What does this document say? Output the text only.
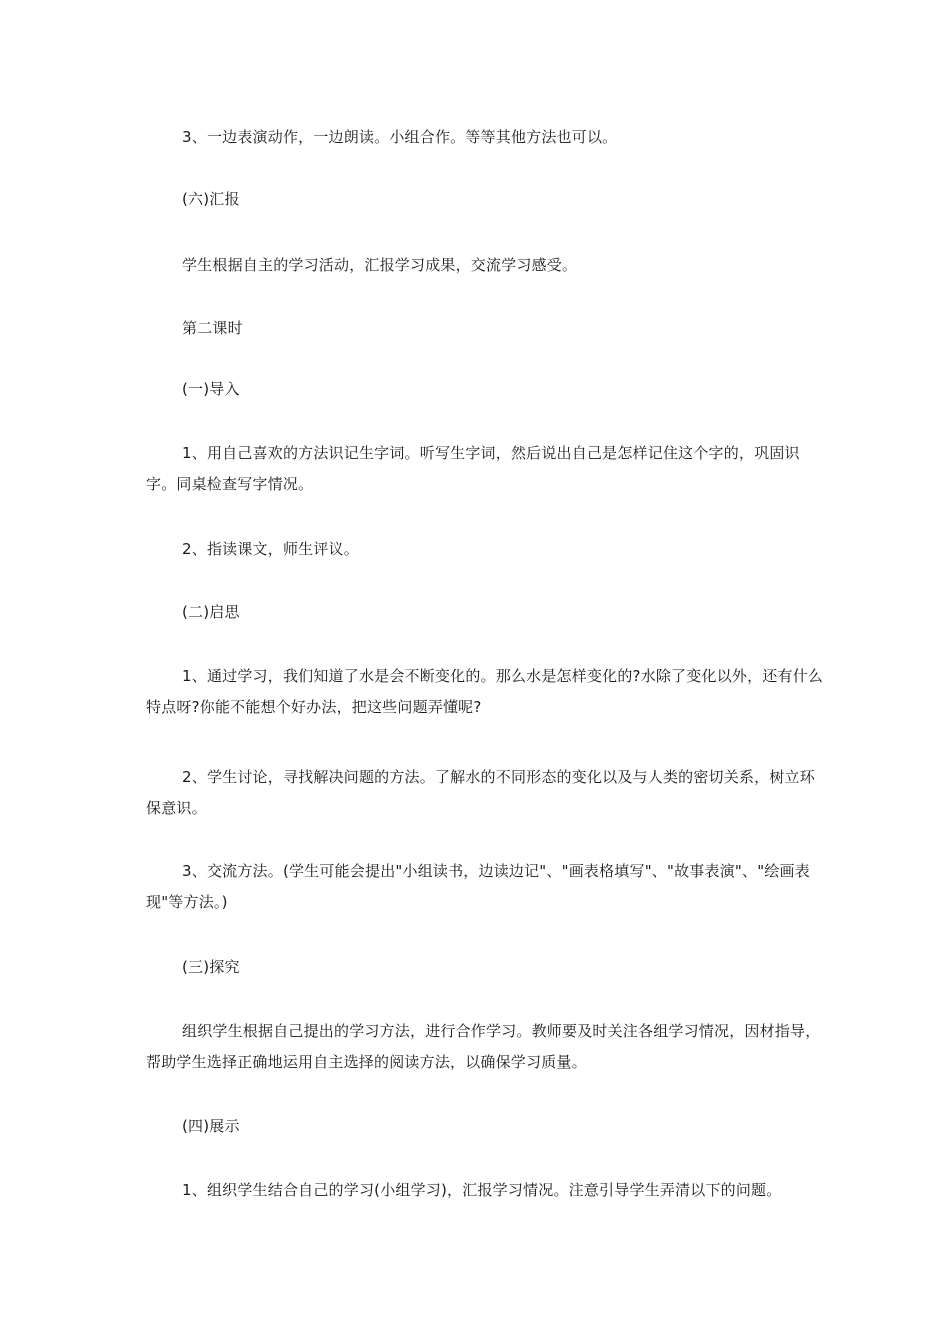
3、一边表演动作，一边朗读。小组合作。等等其他方法也可以。

(六)汇报

学生根据自主的学习活动，汇报学习成果，交流学习感受。

第二课时

(一)导入

1、用自己喜欢的方法识记生字词。听写生字词，然后说出自己是怎样记住这个字的，巩固识字。同桌检查写字情况。

2、指读课文，师生评议。

(二)启思

1、通过学习，我们知道了水是会不断变化的。那么水是怎样变化的?水除了变化以外，还有什么特点呀?你能不能想个好办法，把这些问题弄懂呢?

2、学生讨论，寻找解决问题的方法。了解水的不同形态的变化以及与人类的密切关系，树立环保意识。

3、交流方法。(学生可能会提出"小组读书，边读边记"、"画表格填写"、"故事表演"、"绘画表现"等方法。)

(三)探究

组织学生根据自己提出的学习方法，进行合作学习。教师要及时关注各组学习情况，因材指导，帮助学生选择正确地运用自主选择的阅读方法，以确保学习质量。

(四)展示

1、组织学生结合自己的学习(小组学习)，汇报学习情况。注意引导学生弄清以下的问题。
